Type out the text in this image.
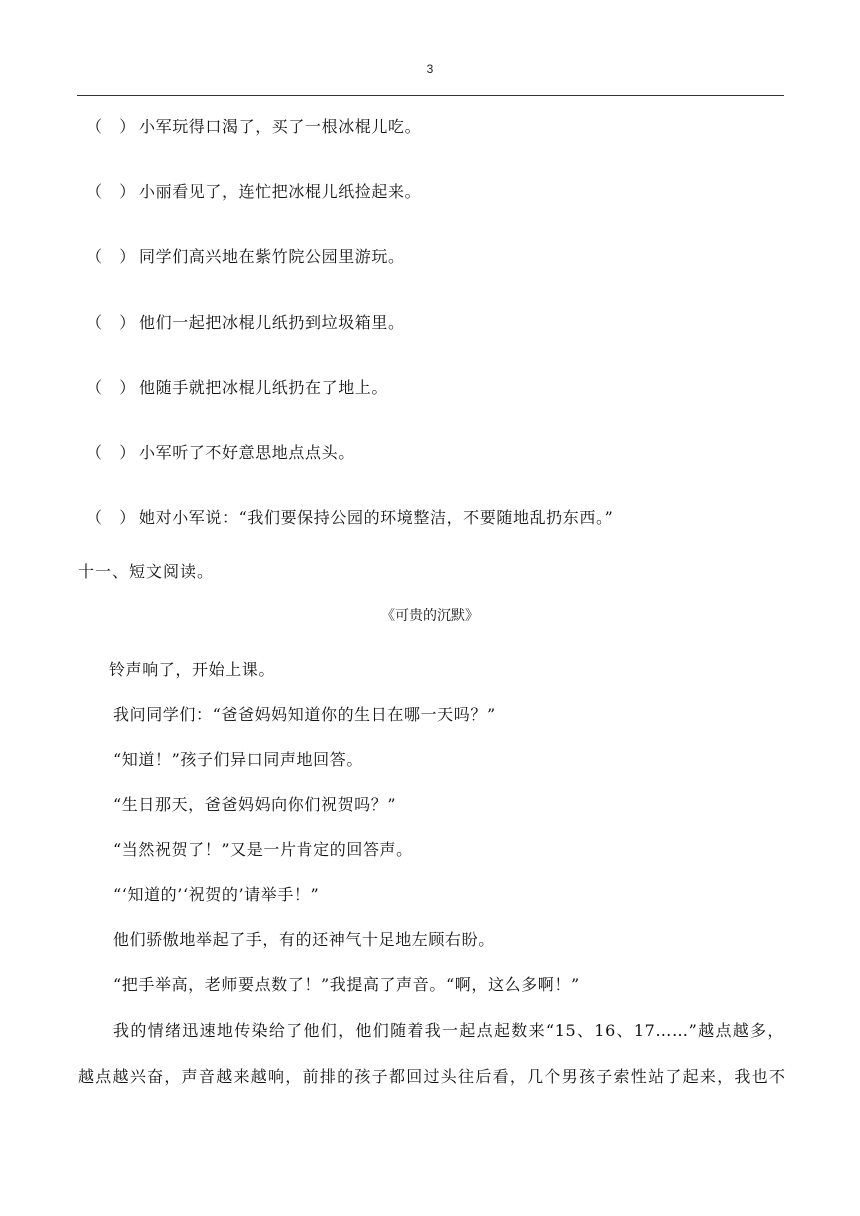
3
（　） 小军玩得口渴了，买了一根冰棍儿吃。
（　） 小丽看见了，连忙把冰棍儿纸捡起来。
（　） 同学们高兴地在紫竹院公园里游玩。
（　） 他们一起把冰棍儿纸扔到垃圾箱里。
（　） 他随手就把冰棍儿纸扔在了地上。
（　） 小军听了不好意思地点点头。
（　） 她对小军说：“我们要保持公园的环境整洁，不要随地乱扔东西。”
十一、短文阅读。
《可贵的沉默》
铃声响了，开始上课。
我问同学们：“爸爸妈妈知道你的生日在哪一天吗？”
“知道！”孩子们异口同声地回答。
“生日那天，爸爸妈妈向你们祝贺吗？”
“当然祝贺了！”又是一片肯定的回答声。
“‘知道的’‘祝贺的’请举手！”
他们骄傲地举起了手，有的还神气十足地左顾右盼。
“把手举高，老师要点数了！”我提高了声音。“啊，这么多啊！”
我的情绪迅速地传染给了他们，他们随着我一起点起数来“15、16、17……”越点越多，
越点越兴奋，声音越来越响，前排的孩子都回过头往后看，几个男孩子索性站了起来，我也不
